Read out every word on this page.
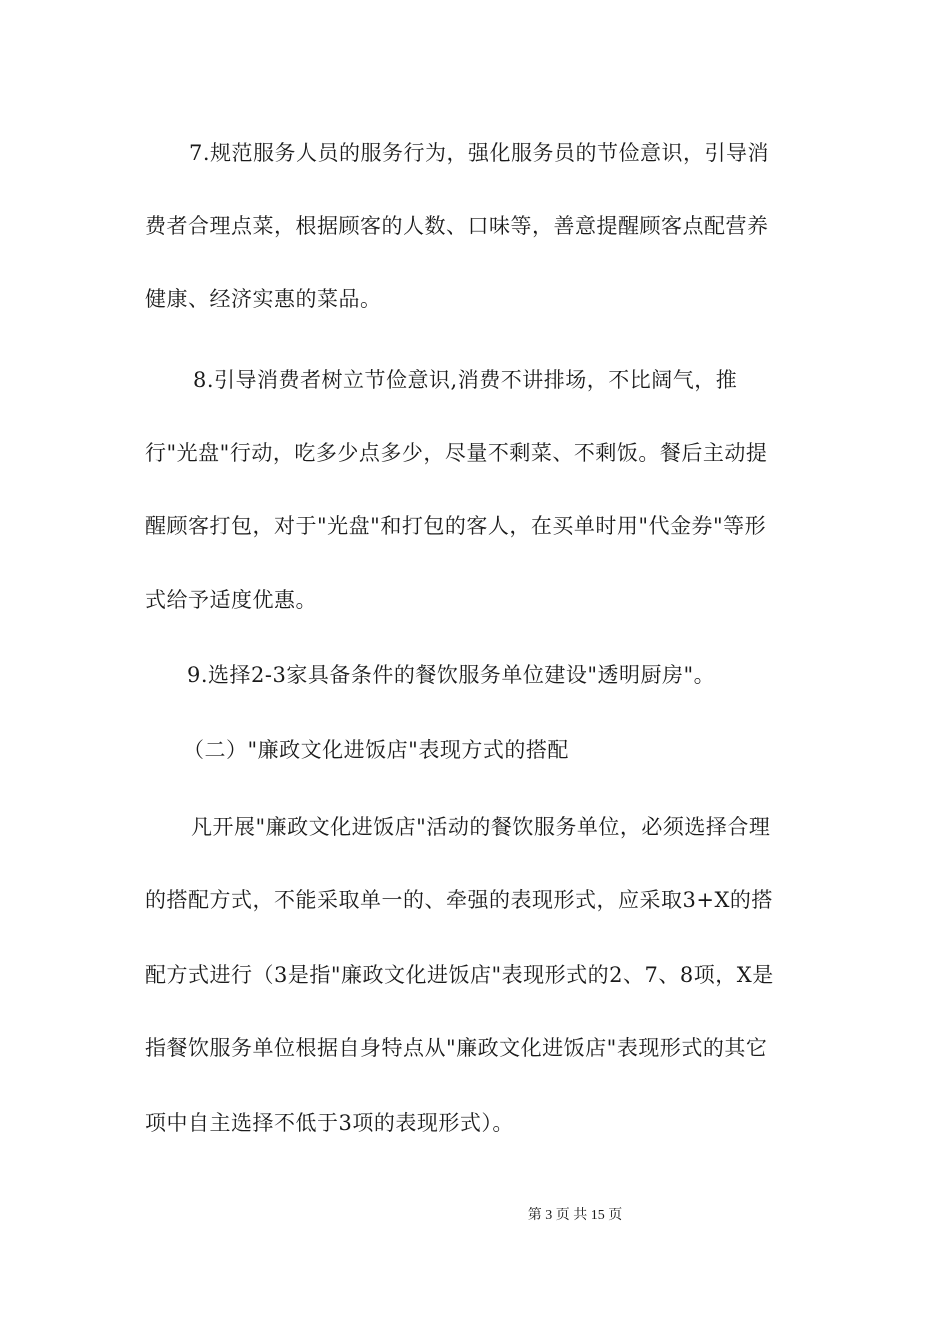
7.规范服务人员的服务行为，强化服务员的节俭意识，引导消
费者合理点菜，根据顾客的人数、口味等，善意提醒顾客点配营养
健康、经济实惠的菜品。
8.引导消费者树立节俭意识,消费不讲排场，不比阔气，推
行"光盘"行动，吃多少点多少，尽量不剩菜、不剩饭。餐后主动提
醒顾客打包，对于"光盘"和打包的客人，在买单时用"代金券"等形
式给予适度优惠。
9.选择2-3家具备条件的餐饮服务单位建设"透明厨房"。
（二）"廉政文化进饭店"表现方式的搭配
凡开展"廉政文化进饭店"活动的餐饮服务单位，必须选择合理
的搭配方式，不能采取单一的、牵强的表现形式，应采取3+X的搭
配方式进行（3是指"廉政文化进饭店"表现形式的2、7、8项，X是
指餐饮服务单位根据自身特点从"廉政文化进饭店"表现形式的其它
项中自主选择不低于3项的表现形式）。
第 3 页 共 15 页
